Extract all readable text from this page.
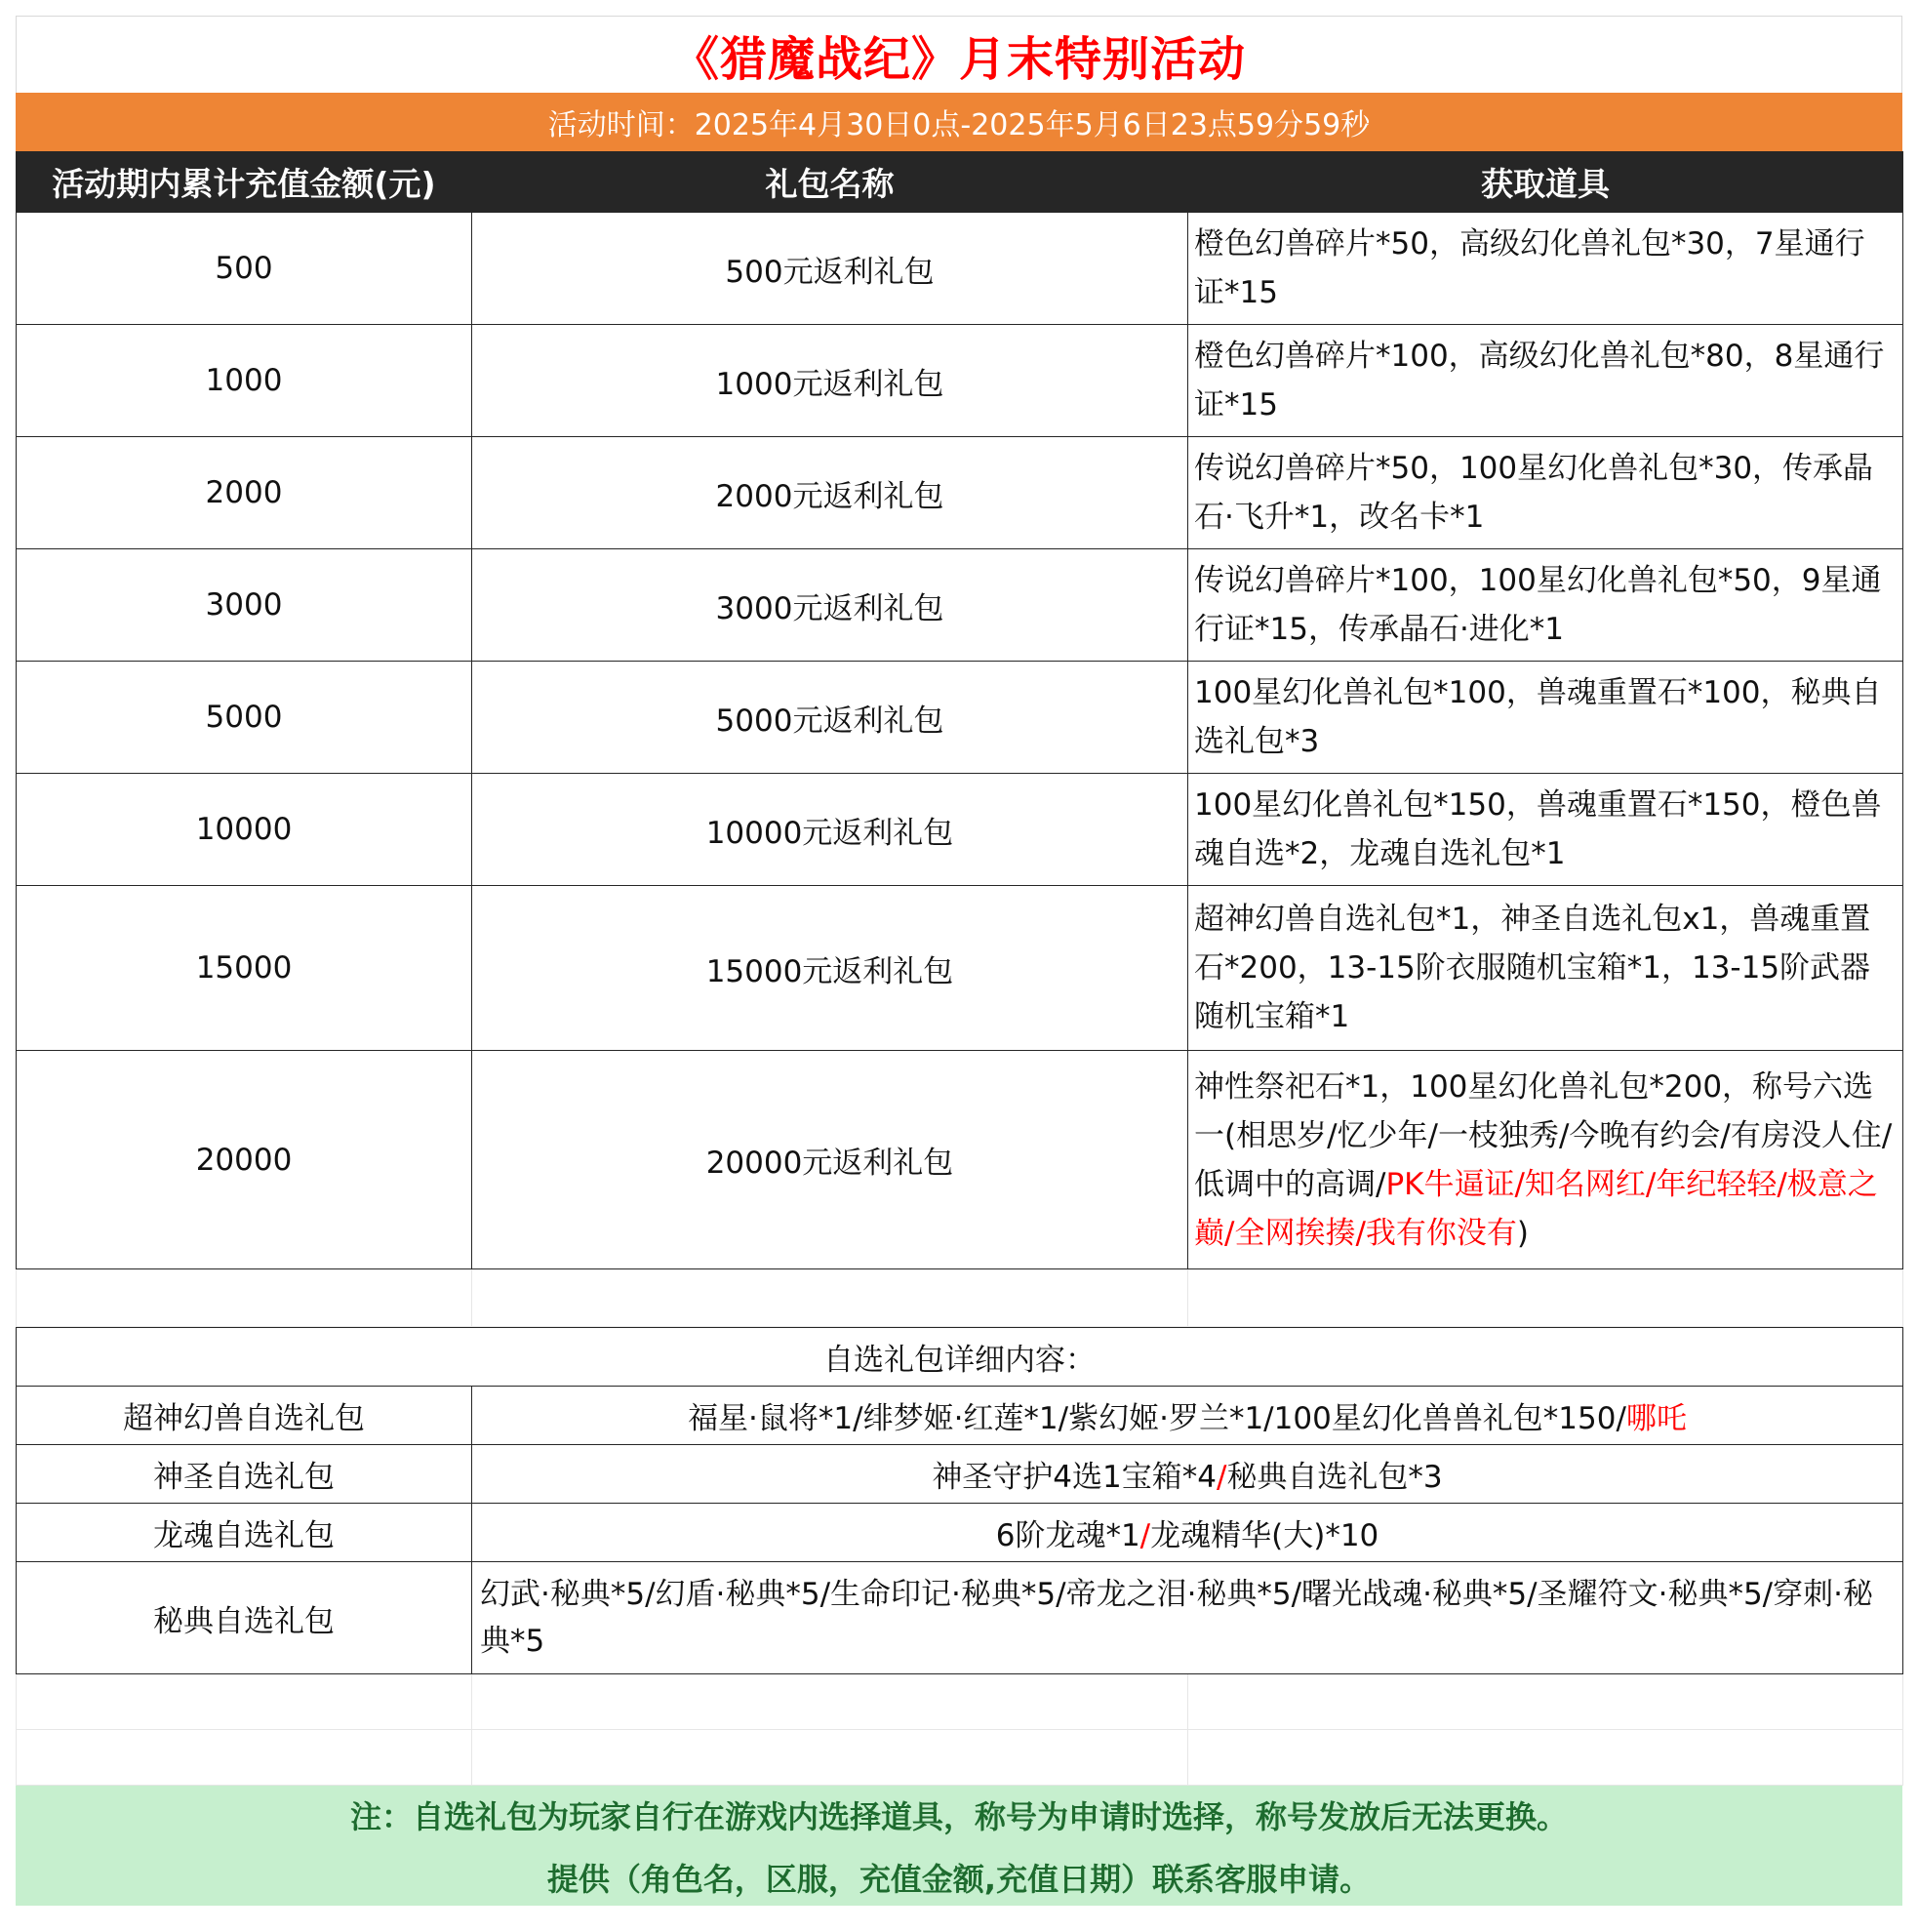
《猎魔战纪》月末特别活动
活动时间：2025年4月30日0点-2025年5月6日23点59分59秒
活动期内累计充值金额(元)	礼包名称	获取道具
500	500元返利礼包	橙色幻兽碎片*50，高级幻化兽礼包*30，7星通行证*15
1000	1000元返利礼包	橙色幻兽碎片*100，高级幻化兽礼包*80，8星通行证*15
2000	2000元返利礼包	传说幻兽碎片*50，100星幻化兽礼包*30，传承晶石·飞升*1，改名卡*1
3000	3000元返利礼包	传说幻兽碎片*100，100星幻化兽礼包*50，9星通行证*15，传承晶石·进化*1
5000	5000元返利礼包	100星幻化兽礼包*100，兽魂重置石*100，秘典自选礼包*3
10000	10000元返利礼包	100星幻化兽礼包*150，兽魂重置石*150，橙色兽魂自选*2，龙魂自选礼包*1
15000	15000元返利礼包	超神幻兽自选礼包*1，神圣自选礼包x1，兽魂重置石*200，13-15阶衣服随机宝箱*1，13-15阶武器随机宝箱*1
20000	20000元返利礼包	神性祭祀石*1，100星幻化兽礼包*200，称号六选一(相思岁/忆少年/一枝独秀/今晚有约会/有房没人住/低调中的高调/PK牛逼证/知名网红/年纪轻轻/极意之巅/全网挨揍/我有你没有)

自选礼包详细内容：	
超神幻兽自选礼包	福星·鼠将*1/绯梦姬·红莲*1/紫幻姬·罗兰*1/100星幻化兽兽礼包*150/哪吒
神圣自选礼包	神圣守护4选1宝箱*4/秘典自选礼包*3
龙魂自选礼包	6阶龙魂*1/龙魂精华(大)*10
秘典自选礼包	幻武·秘典*5/幻盾·秘典*5/生命印记·秘典*5/帝龙之泪·秘典*5/曙光战魂·秘典*5/圣耀符文·秘典*5/穿刺·秘典*5

注：自选礼包为玩家自行在游戏内选择道具，称号为申请时选择，称号发放后无法更换。
提供（角色名，区服，充值金额,充值日期）联系客服申请。
